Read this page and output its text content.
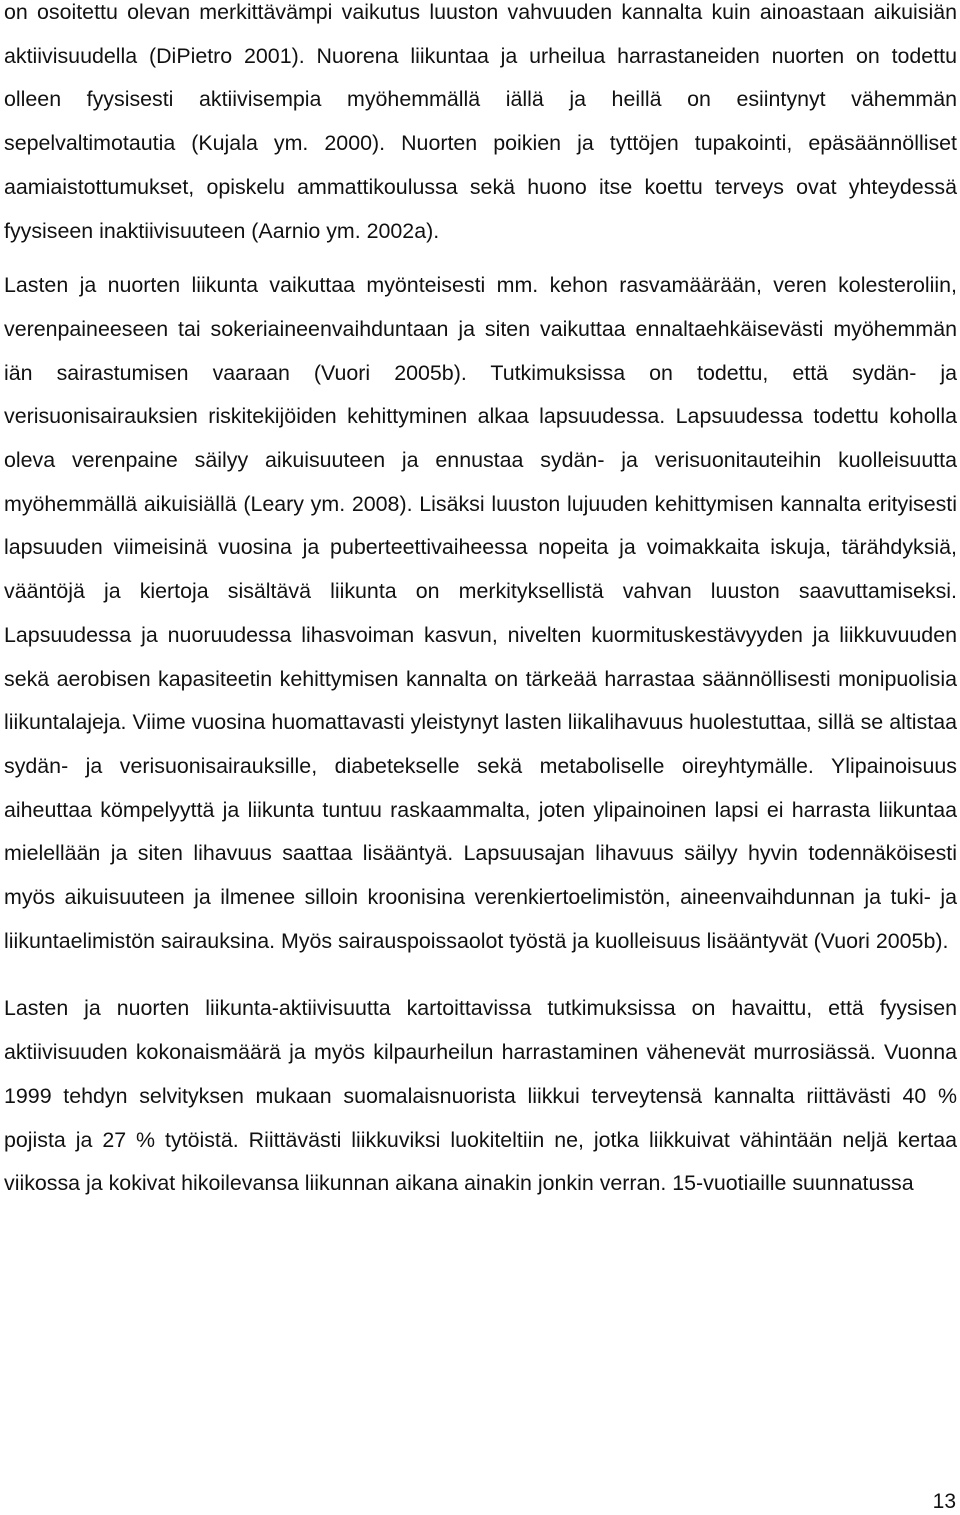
on osoitettu olevan merkittävämpi vaikutus luuston vahvuuden kannalta kuin ainoastaan aikuisiän aktiivisuudella (DiPietro 2001). Nuorena liikuntaa ja urheilua harrastaneiden nuorten on todettu olleen fyysisesti aktiivisempia myöhemmällä iällä ja heillä on esiintynyt vähemmän sepelvaltimotautia (Kujala ym. 2000). Nuorten poikien ja tyttöjen tupakointi, epäsäännölliset aamiaistottumukset, opiskelu ammattikoulussa sekä huono itse koettu terveys ovat yhteydessä fyysiseen inaktiivisuuteen (Aarnio ym. 2002a).

Lasten ja nuorten liikunta vaikuttaa myönteisesti mm. kehon rasvamäärään, veren kolesteroliin, verenpaineeseen tai sokeriaineenvaihduntaan ja siten vaikuttaa ennaltaehkäisevästi myöhemmän iän sairastumisen vaaraan (Vuori 2005b). Tutkimuksissa on todettu, että sydän- ja verisuonisairauksien riskitekijöiden kehittyminen alkaa lapsuudessa. Lapsuudessa todettu koholla oleva verenpaine säilyy aikuisuuteen ja ennustaa sydän- ja verisuonitauteihin kuolleisuutta myöhemmällä aikuisiällä (Leary ym. 2008). Lisäksi luuston lujuuden kehittymisen kannalta erityisesti lapsuuden viimeisinä vuosina ja puberteettivaiheessa nopeita ja voimakkaita iskuja, tärähdyksiä, vääntöjä ja kiertoja sisältävä liikunta on merkityksellistä vahvan luuston saavuttamiseksi. Lapsuudessa ja nuoruudessa lihasvoiman kasvun, nivelten kuormituskestävyyden ja liikkuvuuden sekä aerobisen kapasiteetin kehittymisen kannalta on tärkeää harrastaa säännöllisesti monipuolisia liikuntalajeja. Viime vuosina huomattavasti yleistynyt lasten liikalihavuus huolestuttaa, sillä se altistaa sydän- ja verisuonisairauksille, diabetekselle sekä metaboliselle oireyhtymälle. Ylipainoisuus aiheuttaa kömpelyyttä ja liikunta tuntuu raskaammalta, joten ylipainoinen lapsi ei harrasta liikuntaa mielellään ja siten lihavuus saattaa lisääntyä. Lapsuusajan lihavuus säilyy hyvin todennäköisesti myös aikuisuuteen ja ilmenee silloin kroonisina verenkiertoelimistön, aineenvaihdunnan ja tuki- ja liikuntaelimistön sairauksina. Myös sairauspoissaolot työstä ja kuolleisuus lisääntyvät (Vuori 2005b).

Lasten ja nuorten liikunta-aktiivisuutta kartoittavissa tutkimuksissa on havaittu, että fyysisen aktiivisuuden kokonaismäärä ja myös kilpaurheilun harrastaminen vähenevät murrosiässä. Vuonna 1999 tehdyn selvityksen mukaan suomalaisnuorista liikkui terveytensä kannalta riittävästi 40 % pojista ja 27 % tytöistä. Riittävästi liikkuviksi luokiteltiin ne, jotka liikkuivat vähintään neljä kertaa viikossa ja kokivat hikoilevansa liikunnan aikana ainakin jonkin verran. 15-vuotiaille suunnatussa

13
